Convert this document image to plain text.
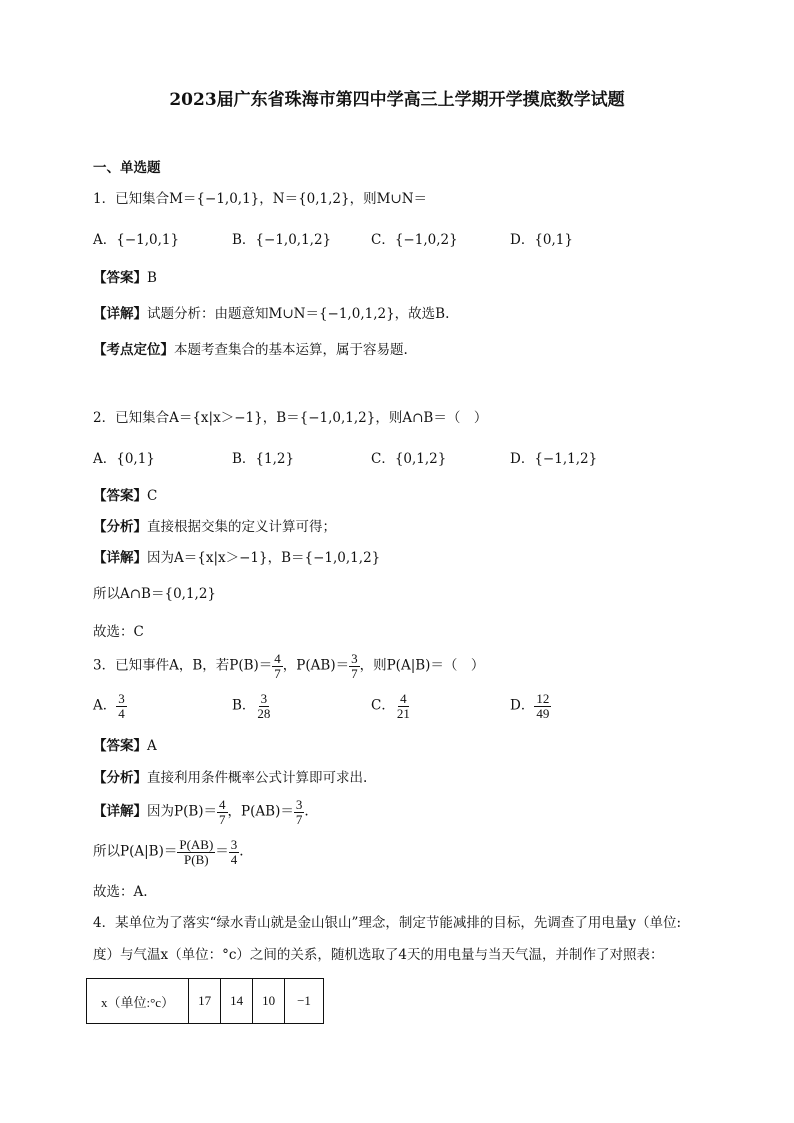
2023届广东省珠海市第四中学高三上学期开学摸底数学试题
一、单选题
1．已知集合M＝{−1,0,1}，N＝{0,1,2}，则M∪N＝
A．{−1,0,1}	B．{−1,0,1,2}	C．{−1,0,2}	D．{0,1}
【答案】B
【详解】试题分析：由题意知M∪N＝{−1,0,1,2}，故选B.
【考点定位】本题考查集合的基本运算，属于容易题.
2．已知集合A＝{x|x＞−1}，B＝{−1,0,1,2}，则A∩B＝（　）
A．{0,1}	B．{1,2}	C．{0,1,2}	D．{−1,1,2}
【答案】C
【分析】直接根据交集的定义计算可得；
【详解】因为A＝{x|x＞−1}，B＝{−1,0,1,2}
所以A∩B＝{0,1,2}
故选：C
3．已知事件A，B，若$P(B)= \frac{4}{7}$ ，$P(AB)= \frac{3}{7}$ ，则P(A|B)＝（　）
A． $\frac{3}{4}$	B． $\frac{3}{28}$	C． $\frac{4}{21}$	D． $\frac{12}{49}$
【答案】A
【分析】直接利用条件概率公式计算即可求出.
【详解】因为$P(B)= \frac{4}{7}$ ，$P(AB)= \frac{3}{7}$ .
所以$P(A|B)= \frac{P(AB)}{P(B)} = \frac{3}{4}$ .
故选：A.
4．某单位为了落实“绿水青山就是金山银山”理念，制定节能减排的目标，先调查了用电量y（单位:
度）与气温x（单位：°c）之间的关系，随机选取了4天的用电量与当天气温，并制作了对照表：
x（单位:°c）	17	14	10	−1
